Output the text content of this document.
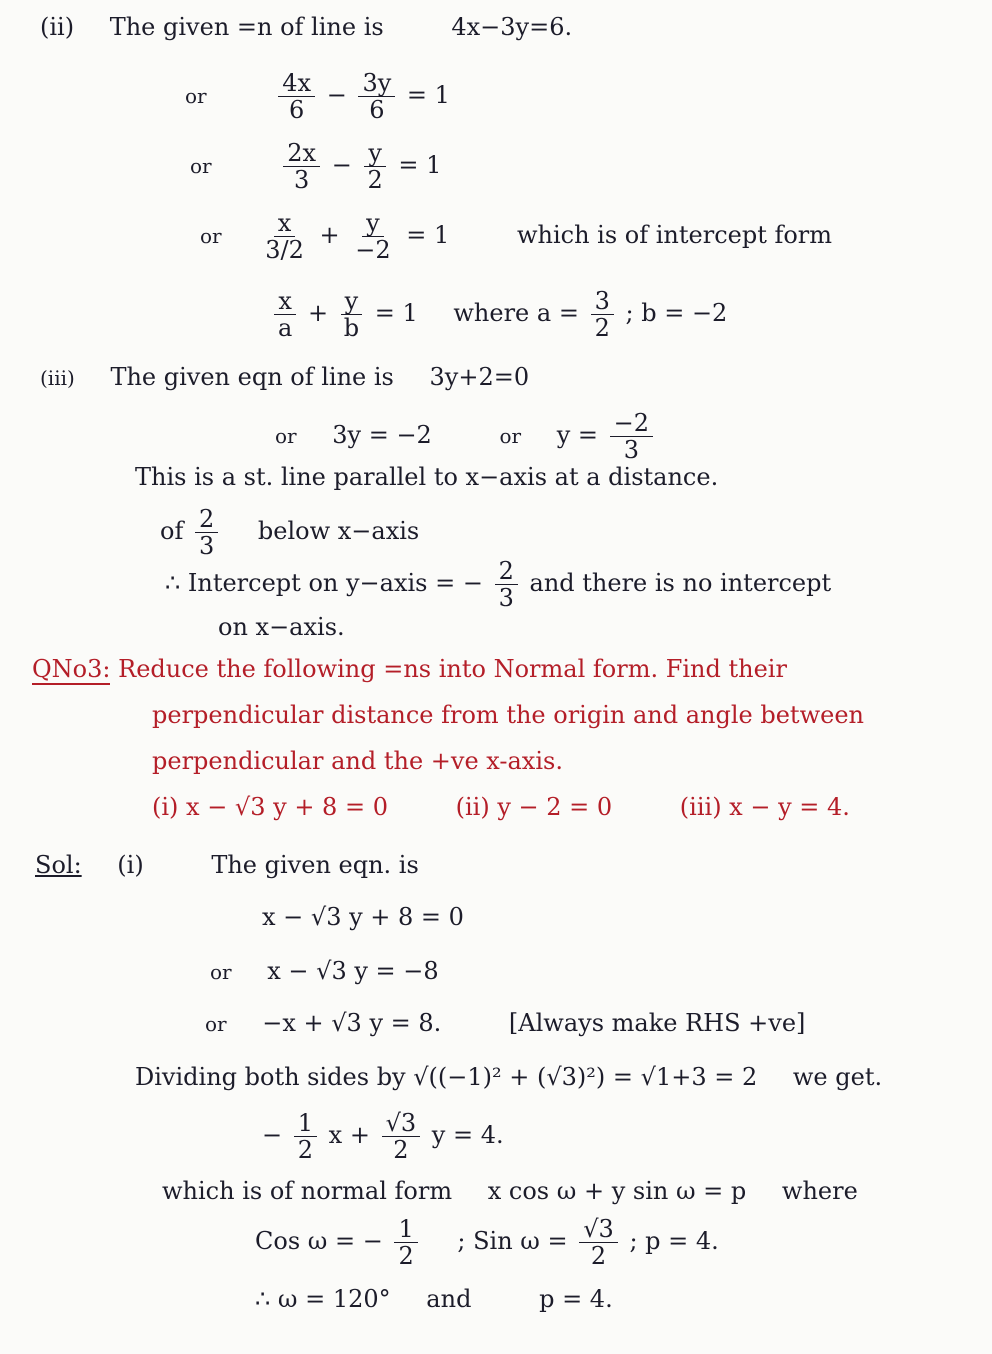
(ii) The given =n of line is	4x−3y=6.
or	$\frac{4x}{6} - \frac{3y}{6} = 1$
or	$\frac{2x}{3} - \frac{y}{2} = 1$
or $\frac{x}{3/2} + \frac{y}{-2} = 1$	which is of intercept form
$\frac{x}{a} + \frac{y}{b} = 1$ where $a = \frac{3}{2}$ ; b = −2
(iii) The given eqn of line is 3y+2=0
or 3y = −2	or $y = \frac{-2}{3}$
This is a st. line parallel to x−axis at a distance.
of $\frac{2}{3}$ below x−axis
∴ Intercept on y−axis = − $\frac{2}{3}$ and there is no intercept
on x−axis.
QNo3: Reduce the following =ns into Normal form. Find their
perpendicular distance from the origin and angle between
perpendicular and the +ve x-axis.
(i) x − √3 y + 8 = 0	(ii) y − 2 = 0	(iii) x − y = 4.
Sol: (i)	The given eqn. is
x − √3 y + 8 = 0
or x − √3 y = −8
or −x + √3 y = 8.	[Always make RHS +ve]
Dividing both sides by √((−1)² + (√3)²) = √1+3 = 2 we get.
− $\frac{1}{2}$ $x + \frac{√3}{2}$ y = 4.
which is of normal form x cos ω + y sin ω = p where
Cos ω = − $\frac{1}{2}$ ; Sin $\omega = \frac{√3}{2}$ ; p = 4.
∴ ω = 120° and	p = 4.
